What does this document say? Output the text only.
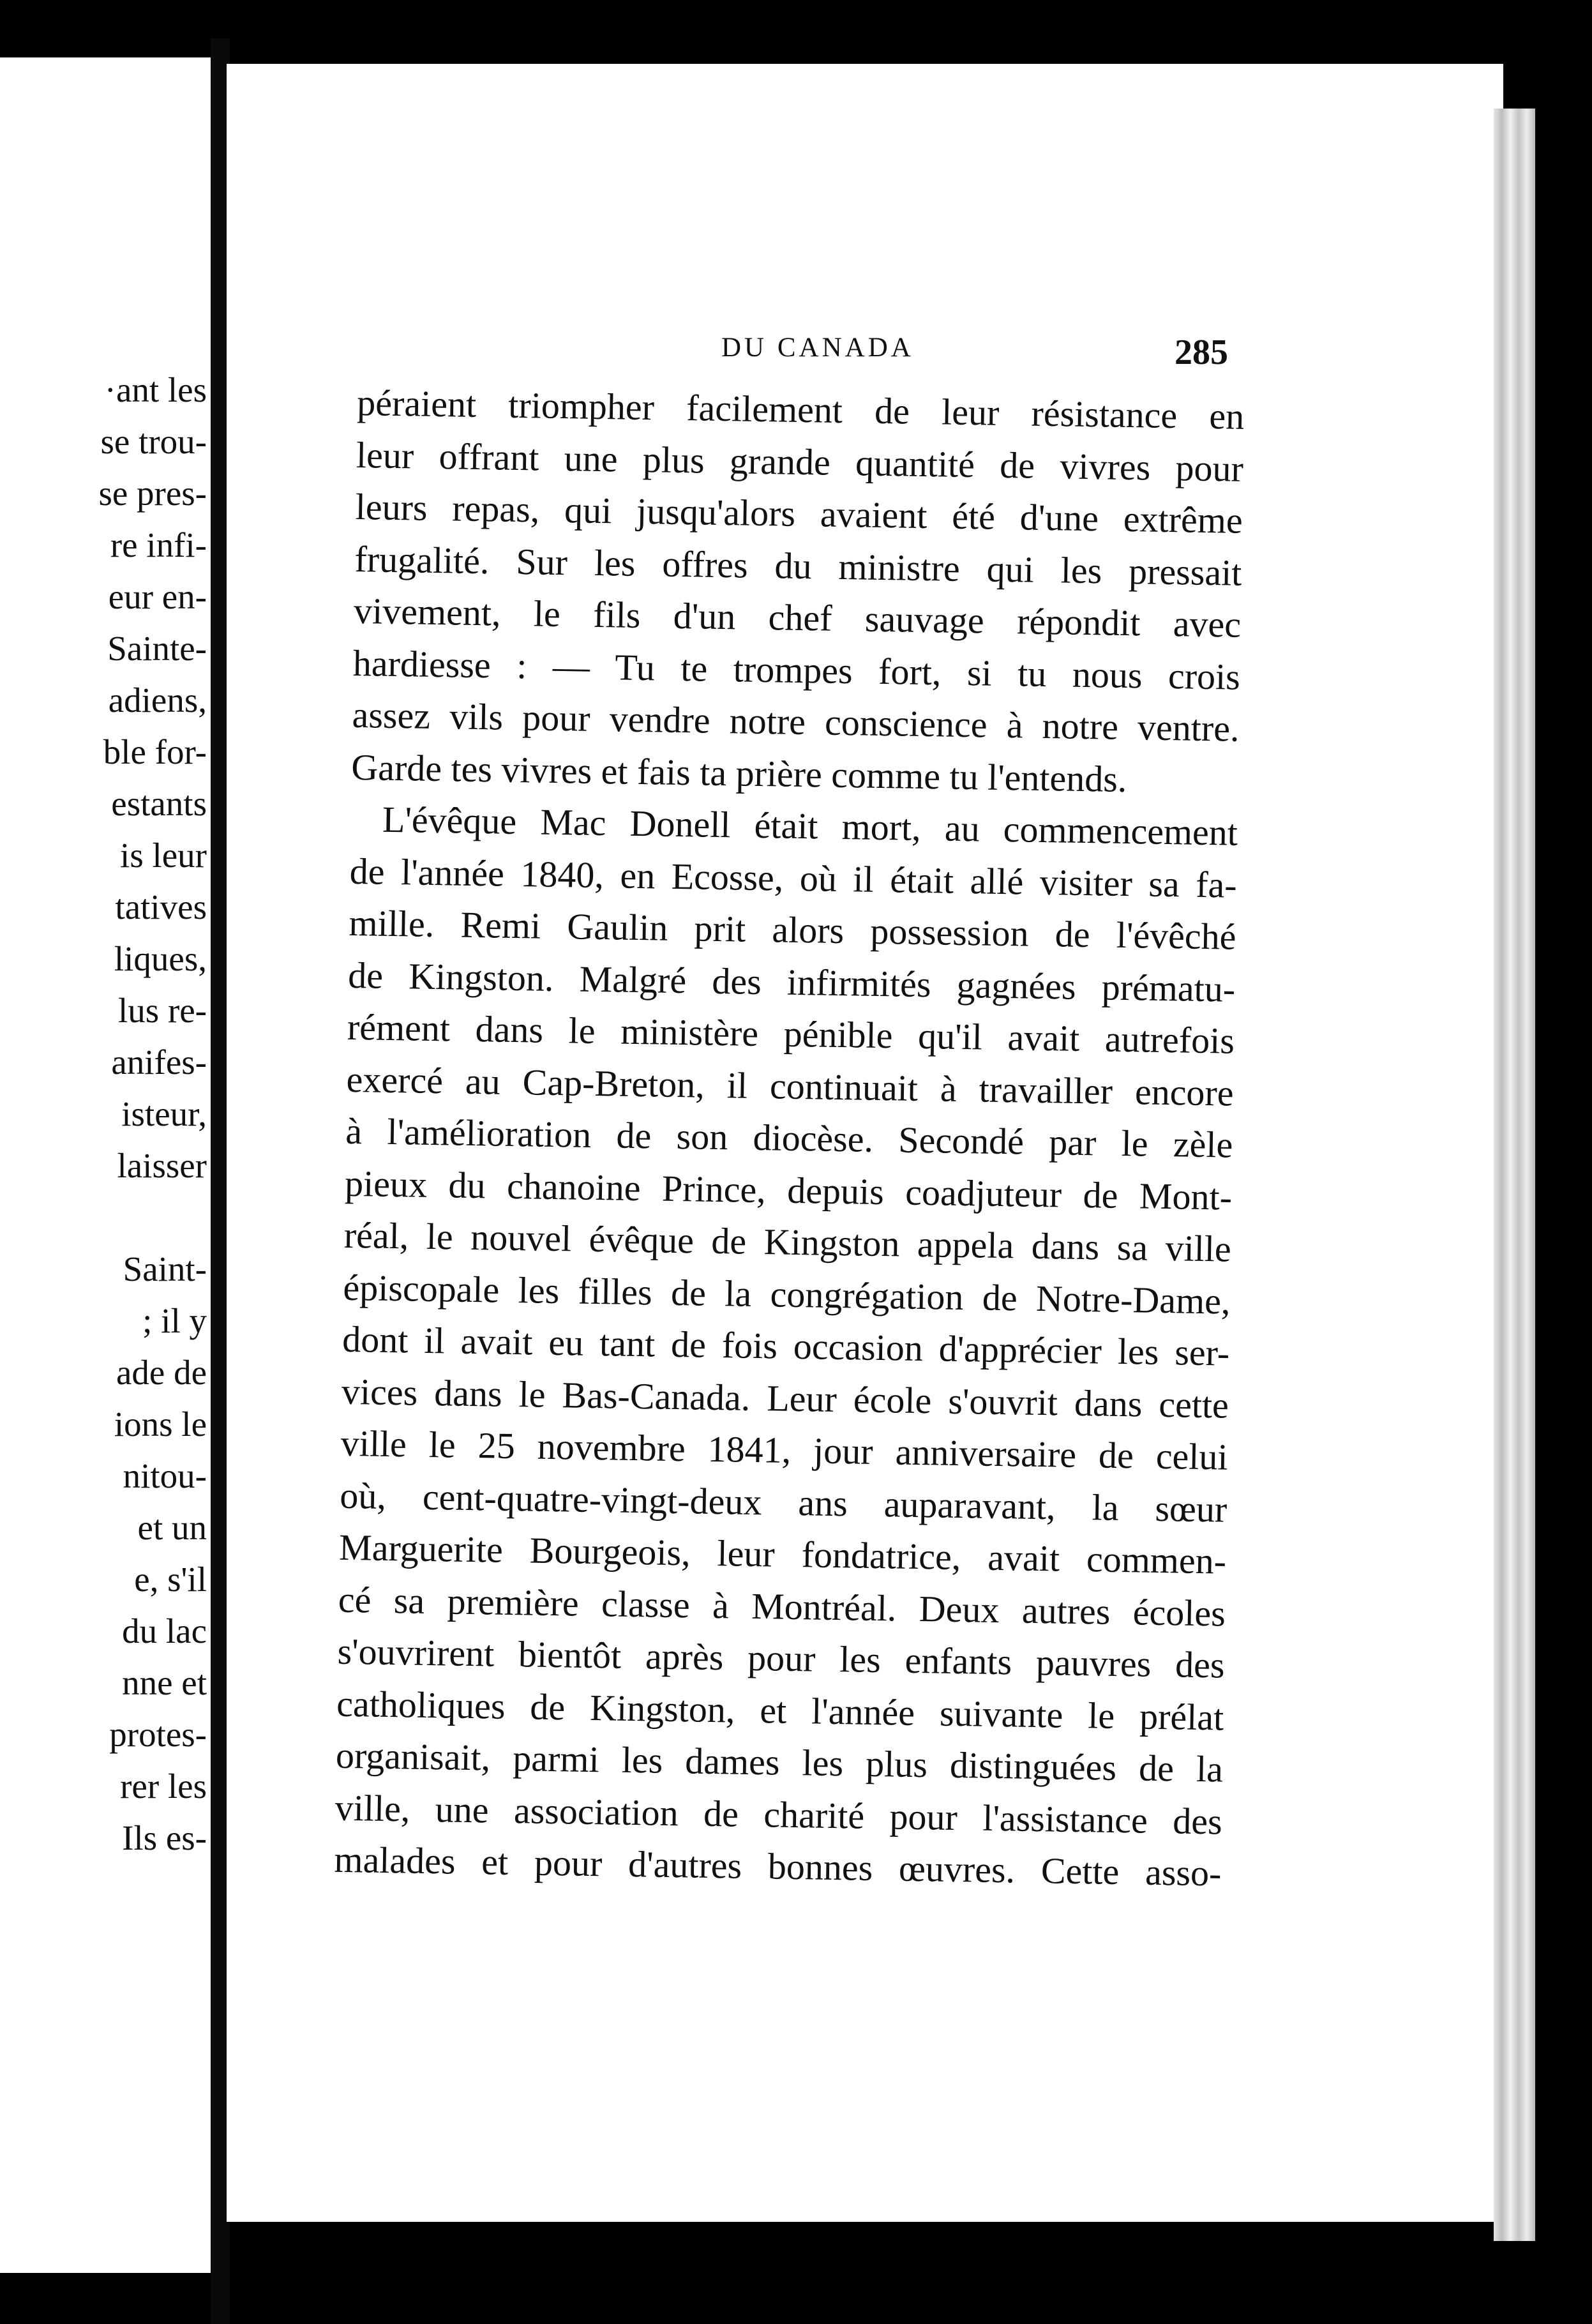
·ant les
se trou-
se pres-
re infi-
eur en-
Sainte-
adiens,
ble for-
estants
is leur
tatives
liques,
lus re-
anifes-
isteur,
laisser
Saint-
; il y
ade de
ions le
nitou-
et un
e, s'il
du lac
nne et
protes-
rer les
Ils es-
DU CANADA	285
péraient triompher facilement de leur résistance en
leur offrant une plus grande quantité de vivres pour
leurs repas, qui jusqu'alors avaient été d'une extrême
frugalité. Sur les offres du ministre qui les pressait
vivement, le fils d'un chef sauvage répondit avec
hardiesse : — Tu te trompes fort, si tu nous crois
assez vils pour vendre notre conscience à notre ventre.
Garde tes vivres et fais ta prière comme tu l'entends.
L'évêque Mac Donell était mort, au commencement
de l'année 1840, en Ecosse, où il était allé visiter sa fa-
mille. Remi Gaulin prit alors possession de l'évêché
de Kingston. Malgré des infirmités gagnées prématu-
rément dans le ministère pénible qu'il avait autrefois
exercé au Cap-Breton, il continuait à travailler encore
à l'amélioration de son diocèse. Secondé par le zèle
pieux du chanoine Prince, depuis coadjuteur de Mont-
réal, le nouvel évêque de Kingston appela dans sa ville
épiscopale les filles de la congrégation de Notre-Dame,
dont il avait eu tant de fois occasion d'apprécier les ser-
vices dans le Bas-Canada. Leur école s'ouvrit dans cette
ville le 25 novembre 1841, jour anniversaire de celui
où, cent-quatre-vingt-deux ans auparavant, la sœur
Marguerite Bourgeois, leur fondatrice, avait commen-
cé sa première classe à Montréal. Deux autres écoles
s'ouvrirent bientôt après pour les enfants pauvres des
catholiques de Kingston, et l'année suivante le prélat
organisait, parmi les dames les plus distinguées de la
ville, une association de charité pour l'assistance des
malades et pour d'autres bonnes œuvres. Cette asso-
